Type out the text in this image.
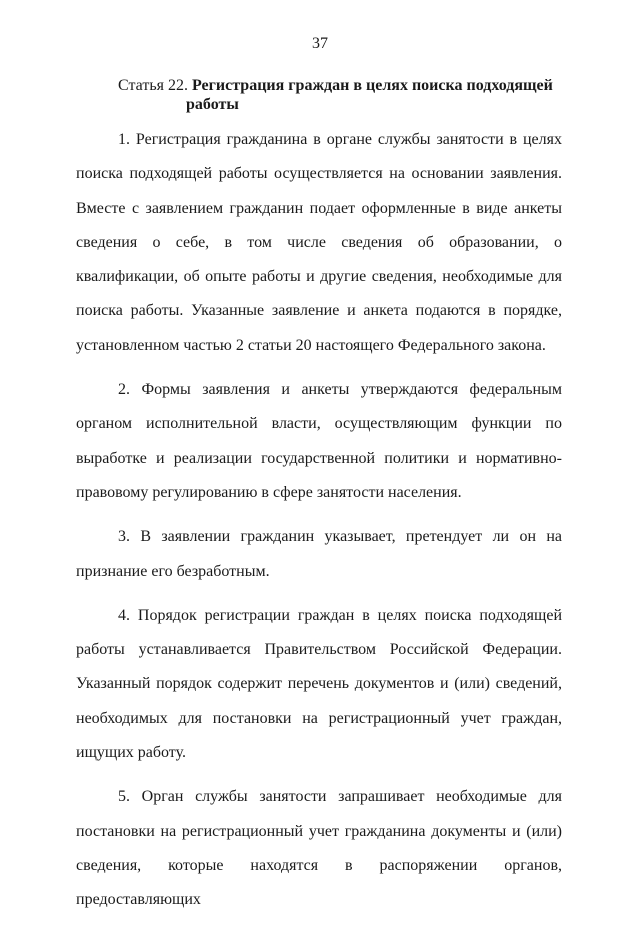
37
Статья 22. Регистрация граждан в целях поиска подходящей
работы

1. Регистрация гражданина в органе службы занятости в целях поиска подходящей работы осуществляется на основании заявления. Вместе с заявлением гражданин подает оформленные в виде анкеты сведения о себе, в том числе сведения об образовании, о квалификации, об опыте работы и другие сведения, необходимые для поиска работы. Указанные заявление и анкета подаются в порядке, установленном частью 2 статьи 20 настоящего Федерального закона.

2. Формы заявления и анкеты утверждаются федеральным органом исполнительной власти, осуществляющим функции по выработке и реализации государственной политики и нормативно-правовому регулированию в сфере занятости населения.

3. В заявлении гражданин указывает, претендует ли он на признание его безработным.

4. Порядок регистрации граждан в целях поиска подходящей работы устанавливается Правительством Российской Федерации. Указанный порядок содержит перечень документов и (или) сведений, необходимых для постановки на регистрационный учет граждан, ищущих работу.

5. Орган службы занятости запрашивает необходимые для постановки на регистрационный учет гражданина документы и (или) сведения, которые находятся в распоряжении органов, предоставляющих
